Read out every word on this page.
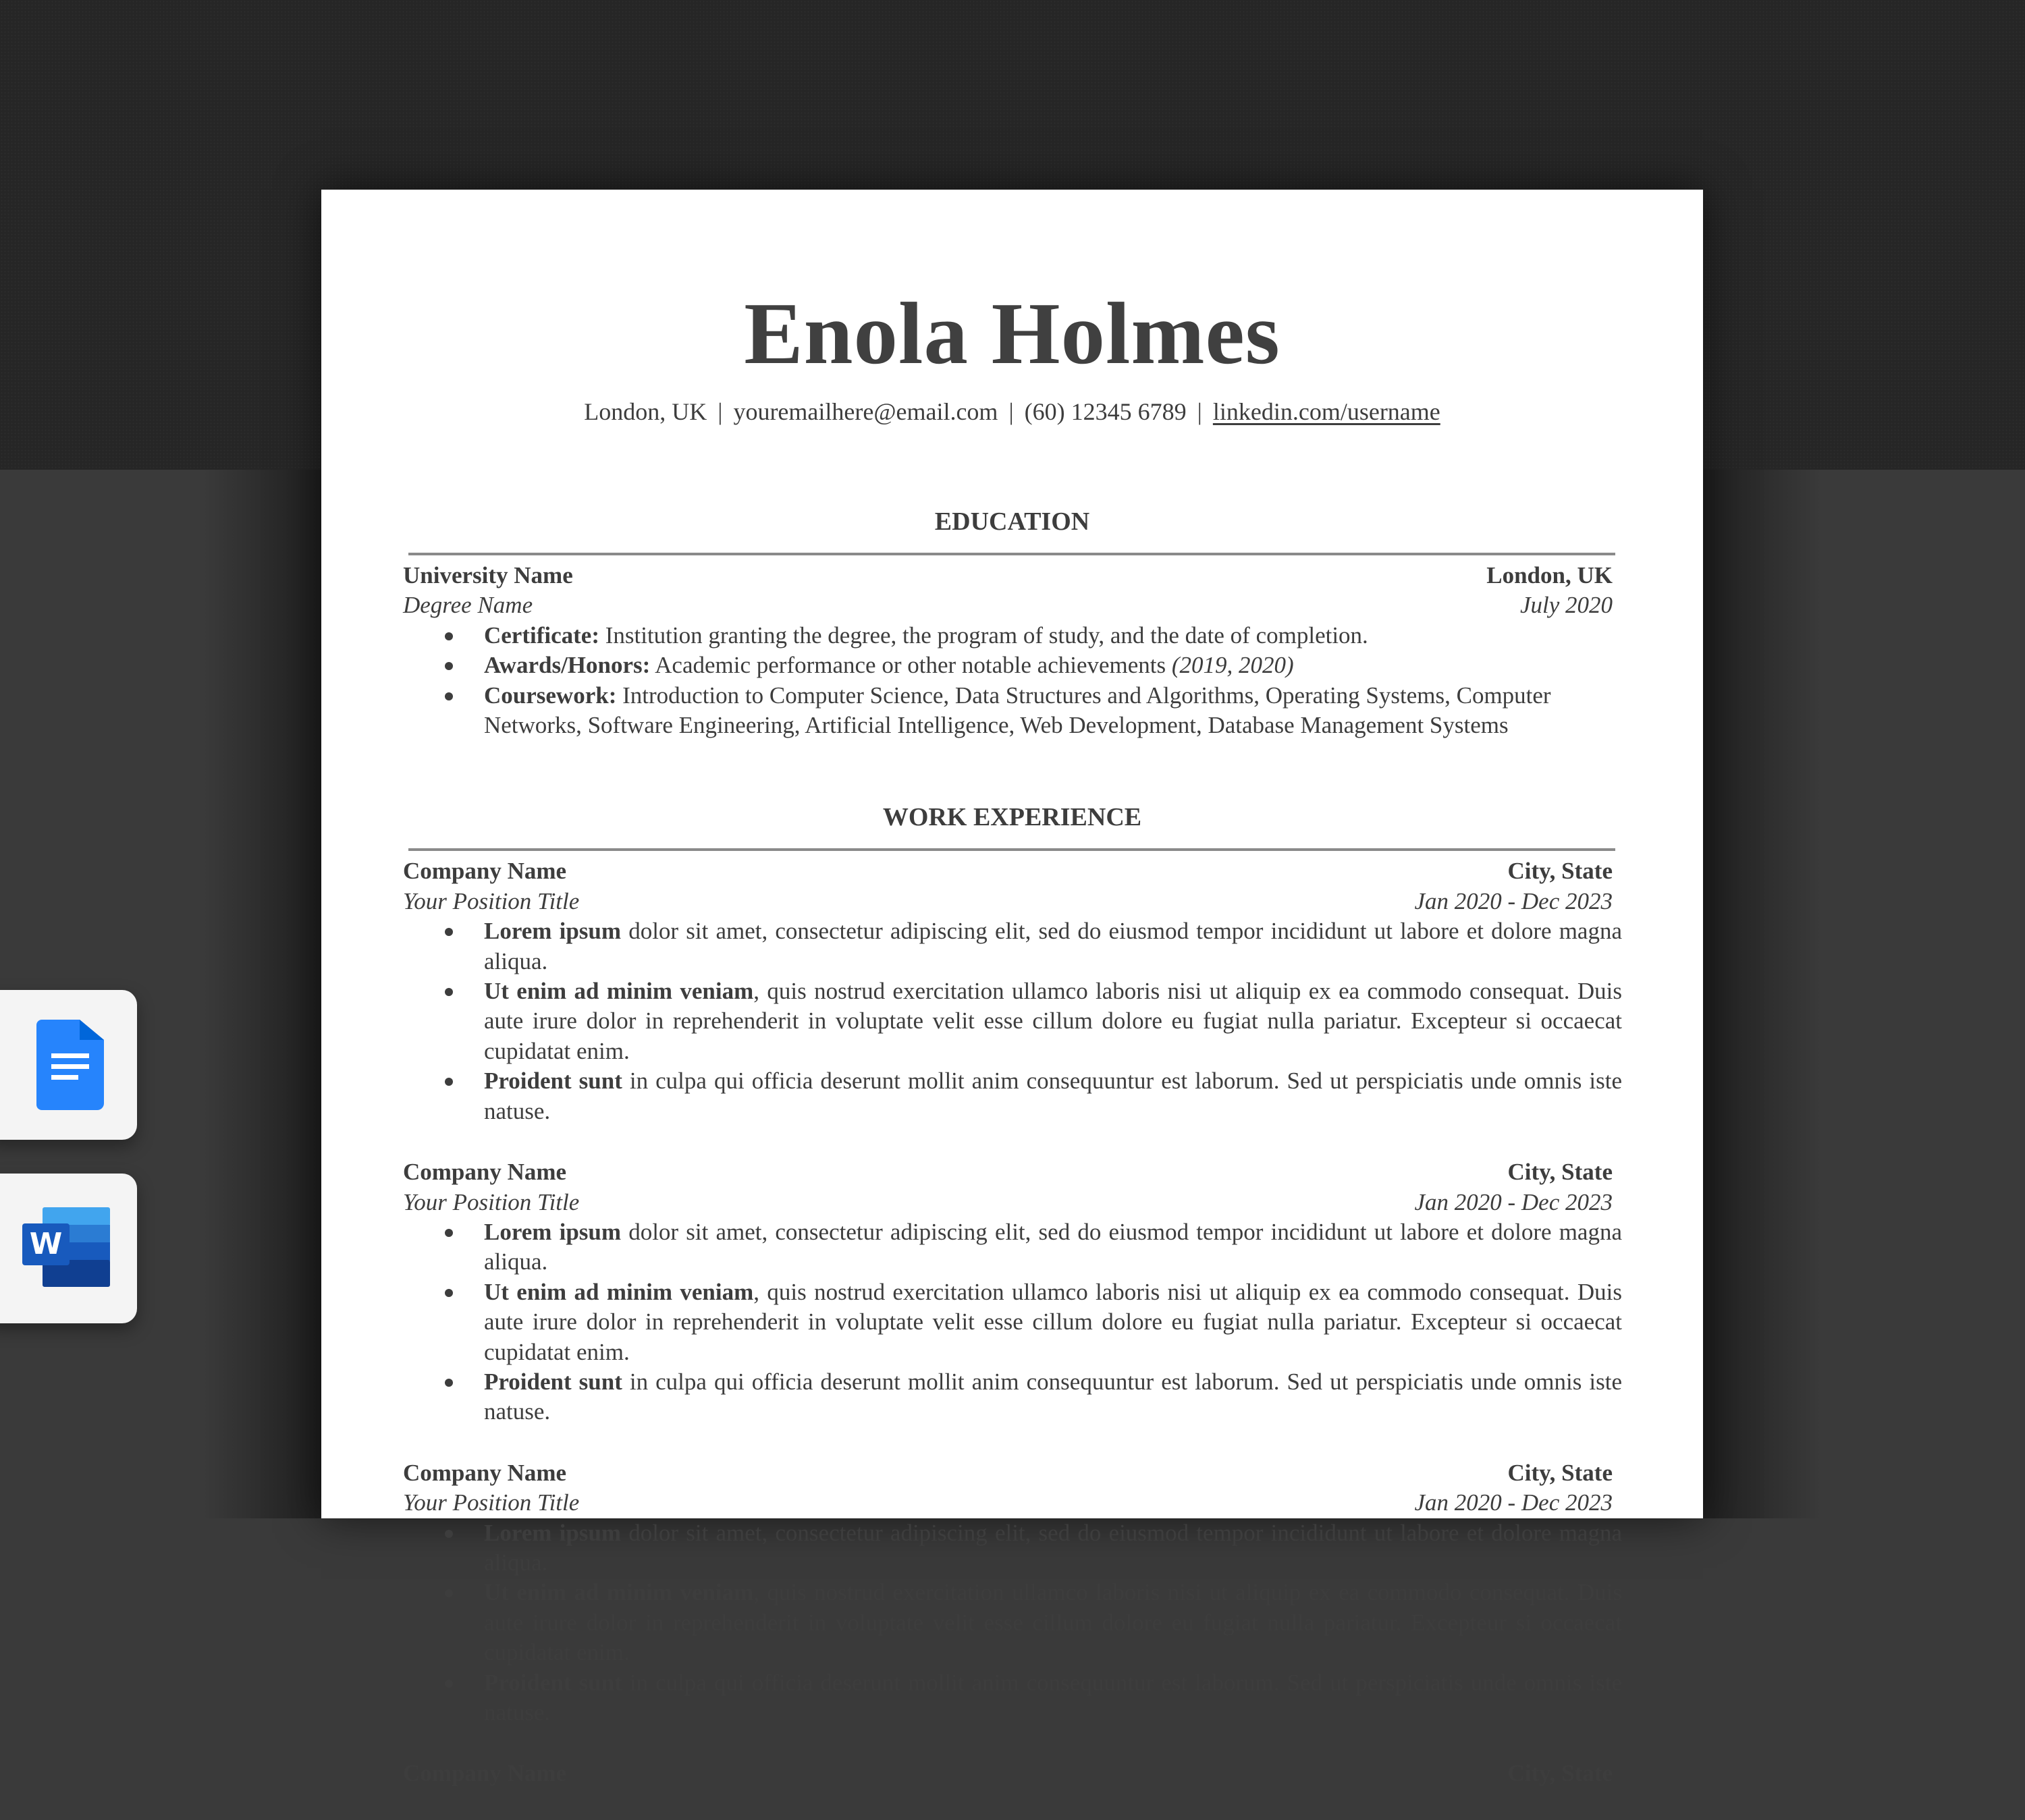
Enola Holmes
London, UK | youremailhere@email.com | (60) 12345 6789 | linkedin.com/username
EDUCATION
University Name	London, UK
Degree Name	July 2020
Certificate: Institution granting the degree, the program of study, and the date of completion.
Awards/Honors: Academic performance or other notable achievements (2019, 2020)
Coursework: Introduction to Computer Science, Data Structures and Algorithms, Operating Systems, Computer Networks, Software Engineering, Artificial Intelligence, Web Development, Database Management Systems
WORK EXPERIENCE
Company Name	City, State
Your Position Title	Jan 2020 - Dec 2023
Lorem ipsum dolor sit amet, consectetur adipiscing elit, sed do eiusmod tempor incididunt ut labore et dolore magna aliqua.
Ut enim ad minim veniam, quis nostrud exercitation ullamco laboris nisi ut aliquip ex ea commodo consequat. Duis aute irure dolor in reprehenderit in voluptate velit esse cillum dolore eu fugiat nulla pariatur. Excepteur si occaecat cupidatat enim.
Proident sunt in culpa qui officia deserunt mollit anim consequuntur est laborum. Sed ut perspiciatis unde omnis iste natuse.
Company Name	City, State
Your Position Title	Jan 2020 - Dec 2023
Lorem ipsum dolor sit amet, consectetur adipiscing elit, sed do eiusmod tempor incididunt ut labore et dolore magna aliqua.
Ut enim ad minim veniam, quis nostrud exercitation ullamco laboris nisi ut aliquip ex ea commodo consequat. Duis aute irure dolor in reprehenderit in voluptate velit esse cillum dolore eu fugiat nulla pariatur. Excepteur si occaecat cupidatat enim.
Proident sunt in culpa qui officia deserunt mollit anim consequuntur est laborum. Sed ut perspiciatis unde omnis iste natuse.
Company Name	City, State
Your Position Title	Jan 2020 - Dec 2023
Lorem ipsum dolor sit amet, consectetur adipiscing elit, sed do eiusmod tempor incididunt ut labore et dolore magna aliqua.
Ut enim ad minim veniam, quis nostrud exercitation ullamco laboris nisi ut aliquip ex ea commodo consequat. Duis aute irure dolor in reprehenderit in voluptate velit esse cillum dolore eu fugiat nulla pariatur. Excepteur si occaecat cupidatat enim.
Proident sunt in culpa qui officia deserunt mollit anim consequuntur est laborum. Sed ut perspiciatis unde omnis iste natuse.
Company Name	City, State
W
